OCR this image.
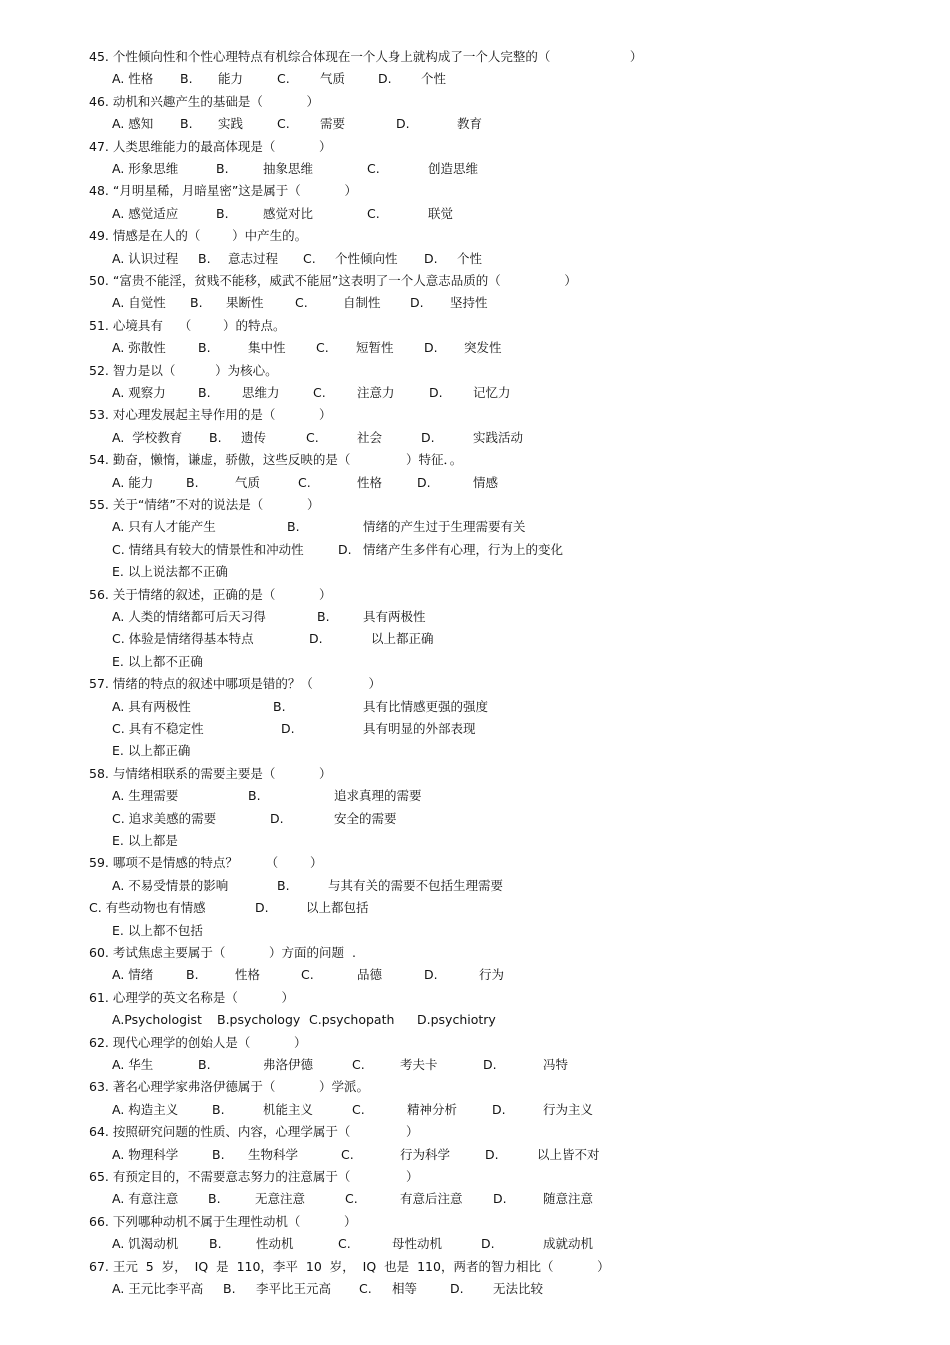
45. 个性倾向性和个性心理特点有机综合体现在一个人身上就构成了一个人完整的（                    ）
A. 性格 B. 能力	C. 气质	D. 个性
46. 动机和兴趣产生的基础是（           ）
A. 感知 B. 实践	C. 需要	D.	教育
47. 人类思维能力的最高体现是（           ）
A. 形象思维	B.	抽象思维	C.	创造思维
48. “月明星稀，月暗星密”这是属于（           ）
A. 感觉适应	B.	感觉对比	C.	联觉
49. 情感是在人的（        ）中产生的。
A. 认识过程 B. 意志过程 C. 个性倾向性 D. 个性
50. “富贵不能淫，贫贱不能移，威武不能屈”这表明了一个人意志品质的（                ）
A. 自觉性 B. 果断性	C.	自制性 D. 坚持性
51. 心境具有    （        ）的特点。
A. 弥散性	B.	集中性 C. 短暂性 D. 突发性
52. 智力是以（          ）为核心。
A. 观察力	B.	思维力	C.	注意力	D. 记忆力
53. 对心理发展起主导作用的是（           ）
A.  学校教育 B. 遗传	C.	社会	D.	实践活动
54. 勤奋，懒惰，谦虚，骄傲，这些反映的是（              ）特征．。
A. 能力	B.	气质	C.	性格	D.	情感
55. 关于“情绪”不对的说法是（           ）
A. 只有人才能产生	B.	情绪的产生过于生理需要有关
C. 情绪具有较大的情景性和冲动性	D. 情绪产生多伴有心理，行为上的变化
E. 以上说法都不正确
56. 关于情绪的叙述，正确的是（           ）
A. 人类的情绪都可后天习得	B.	具有两极性
C. 体验是情绪得基本特点	D.	以上都正确
E. 以上都不正确
57. 情绪的特点的叙述中哪项是错的？（              ）
A. 具有两极性	B.	具有比情感更强的强度
C. 具有不稳定性	D.	具有明显的外部表现
E. 以上都正确
58. 与情绪相联系的需要主要是（           ）
A. 生理需要	B.	追求真理的需要
C. 追求美感的需要	D.	安全的需要
E. 以上都是
59. 哪项不是情感的特点？       （        ）
A. 不易受情景的影响	B.	与其有关的需要不包括生理需要
C. 有些动物也有情感	D.	以上都包括
E. 以上都不包括
60. 考试焦虑主要属于（           ）方面的问题  .
A. 情绪	B.	性格	C.	品德	D.	行为
61. 心理学的英文名称是（           ）
A.Psychologist B.psychology C.psychopath D.psychiotry
62. 现代心理学的创始人是（           ）
A. 华生	B.	弗洛伊德	C.	考夫卡	D.	冯特
63. 著名心理学家弗洛伊德属于（           ）学派。
A. 构造主义	B.	机能主义	C.	精神分析	D.	行为主义
64. 按照研究问题的性质、内容，心理学属于（              ）
A. 物理科学	B. 生物科学	C.	行为科学	D.	以上皆不对
65. 有预定目的，不需要意志努力的注意属于（              ）
A. 有意注意 B.	无意注意	C.	有意后注意 D.	随意注意
66. 下列哪种动机不属于生理性动机（           ）
A. 饥渴动机 B.	性动机	C.	母性动机	D.	成就动机
67. 王元  5  岁，  IQ  是  110，李平  10  岁，  IQ  也是  110，两者的智力相比（           ）
A. 王元比李平高 B. 李平比王元高 C. 相等	D. 无法比较
